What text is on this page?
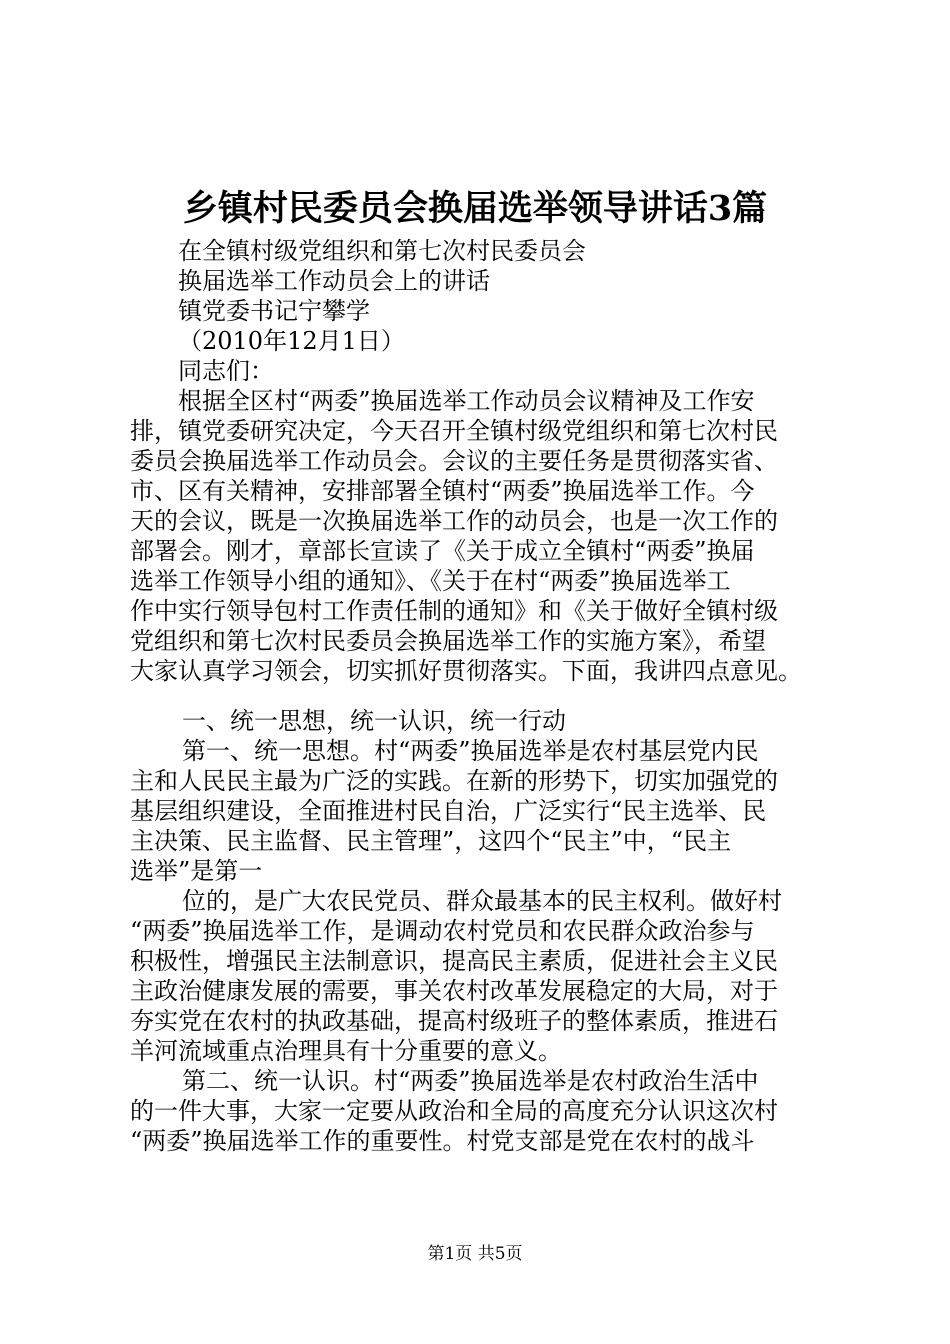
乡镇村民委员会换届选举领导讲话3篇
在全镇村级党组织和第七次村民委员会
换届选举工作动员会上的讲话
镇党委书记宁攀学
（2010年12月1日）
同志们：
根据全区村“两委”换届选举工作动员会议精神及工作安
排，镇党委研究决定，今天召开全镇村级党组织和第七次村民
委员会换届选举工作动员会。会议的主要任务是贯彻落实省、
市、区有关精神，安排部署全镇村“两委”换届选举工作。今
天的会议，既是一次换届选举工作的动员会，也是一次工作的
部署会。刚才，章部长宣读了《关于成立全镇村“两委”换届
选举工作领导小组的通知》、《关于在村“两委”换届选举工
作中实行领导包村工作责任制的通知》和《关于做好全镇村级
党组织和第七次村民委员会换届选举工作的实施方案》，希望
大家认真学习领会，切实抓好贯彻落实。下面，我讲四点意见。
一、统一思想，统一认识，统一行动
第一、统一思想。村“两委”换届选举是农村基层党内民
主和人民民主最为广泛的实践。在新的形势下，切实加强党的
基层组织建设，全面推进村民自治，广泛实行“民主选举、民
主决策、民主监督、民主管理”，这四个“民主”中，“民主
选举”是第一
位的，是广大农民党员、群众最基本的民主权利。做好村
“两委”换届选举工作，是调动农村党员和农民群众政治参与
积极性，增强民主法制意识，提高民主素质，促进社会主义民
主政治健康发展的需要，事关农村改革发展稳定的大局，对于
夯实党在农村的执政基础，提高村级班子的整体素质，推进石
羊河流域重点治理具有十分重要的意义。
第二、统一认识。村“两委”换届选举是农村政治生活中
的一件大事，大家一定要从政治和全局的高度充分认识这次村
“两委”换届选举工作的重要性。村党支部是党在农村的战斗
第1页 共5页
